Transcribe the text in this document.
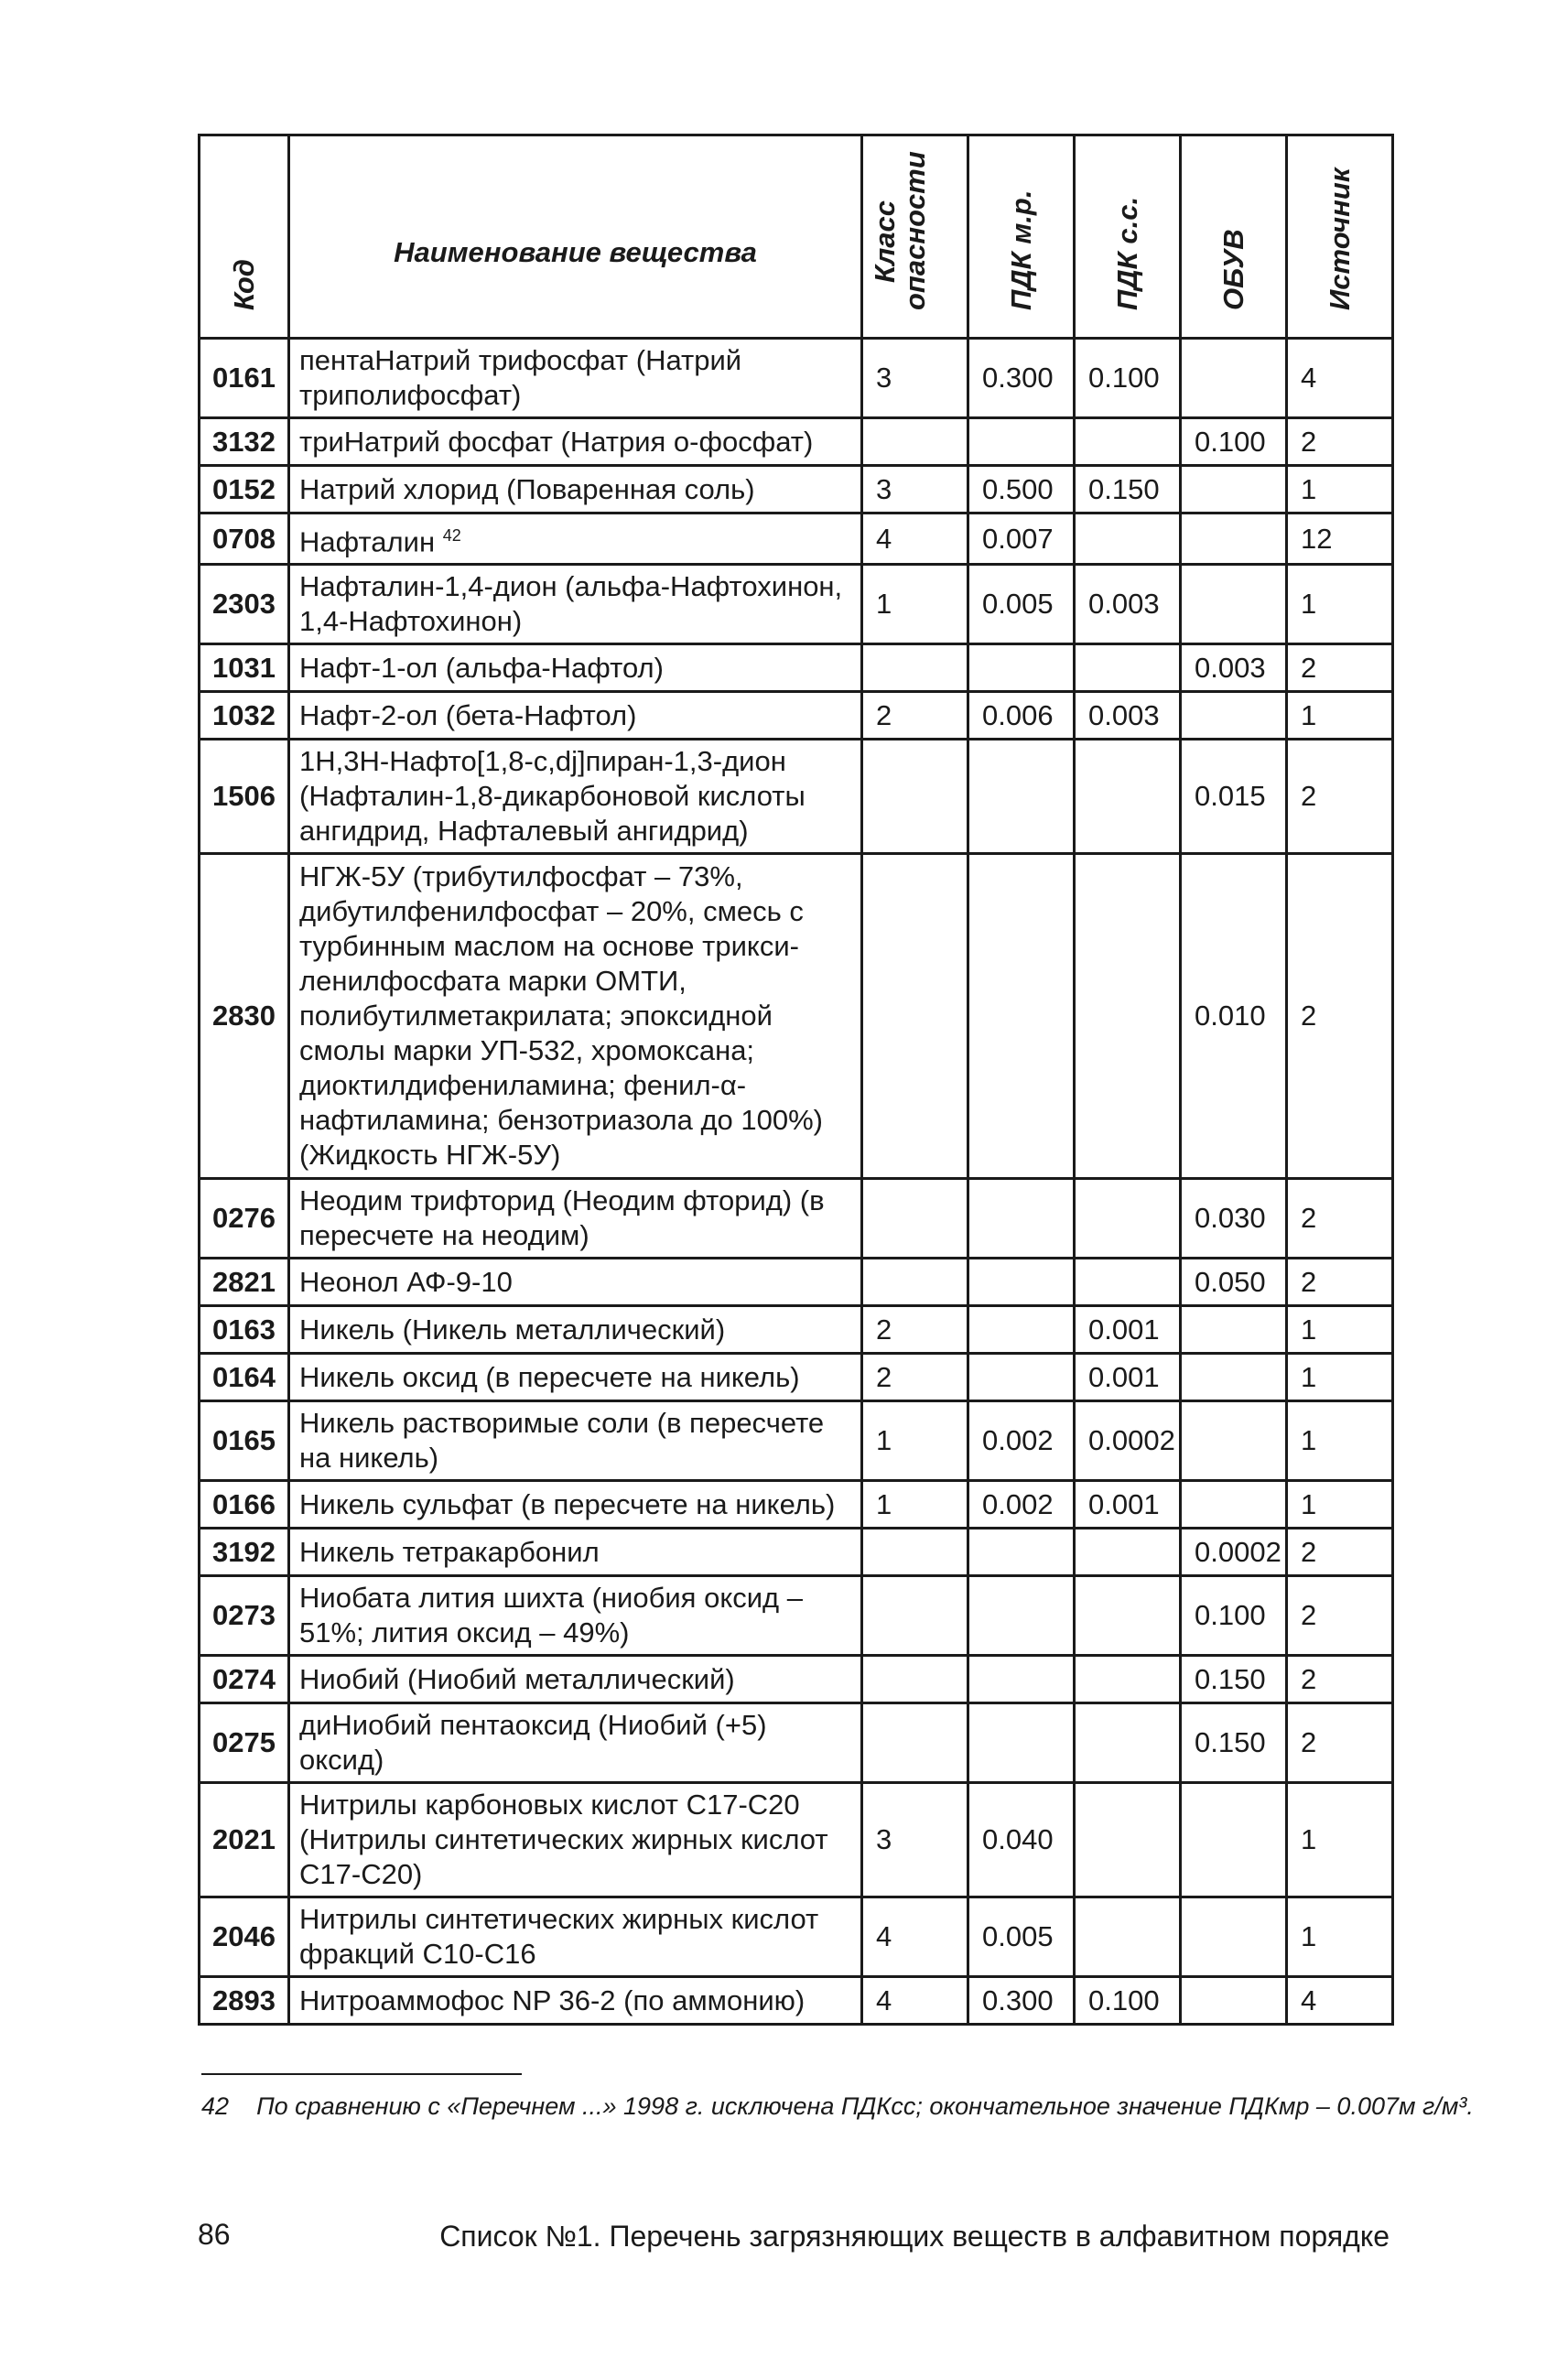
Код	Наименование вещества	Класс опасности	ПДК м.р.	ПДК с.с.	ОБУВ	Источник

0161	пентаНатрий трифосфат (Натрий триполифосфат)	3	0.300	0.100		4
3132	триНатрий фосфат (Натрия о-фосфат)				0.100	2
0152	Натрий хлорид (Поваренная соль)	3	0.500	0.150		1
0708	Нафталин $^{42}$	4	0.007			12
2303	Нафталин-1,4-дион (альфа-Нафтохинон, 1,4-Нафтохинон)	1	0.005	0.003		1
1031	Нафт-1-ол (альфа-Нафтол)				0.003	2
1032	Нафт-2-ол (бета-Нафтол)	2	0.006	0.003		1
1506	1Н,3Н-Нафто[1,8-c,dj]пиран-1,3-дион (Нафталин-1,8-дикарбоновой кислоты ангидрид, Нафталевый ангидрид)				0.015	2
2830	НГЖ-5У (трибутилфосфат – 73%, дибутилфенилфосфат – 20%, смесь с турбинным маслом на основе триксиленилфосфата марки ОМТИ, полибутилметакрилата; эпоксидной смолы марки УП-532, хромоксана; диоктилдифениламина; фенил-α-нафтиламина; бензотриазола до 100%) (Жидкость НГЖ-5У)				0.010	2
0276	Неодим трифторид (Неодим фторид) (в пересчете на неодим)				0.030	2
2821	Неонол АФ-9-10				0.050	2
0163	Никель (Никель металлический)	2		0.001		1
0164	Никель оксид (в пересчете на никель)	2		0.001		1
0165	Никель растворимые соли (в пересчете на никель)	1	0.002	0.0002		1
0166	Никель сульфат (в пересчете на никель)	1	0.002	0.001		1
3192	Никель тетракарбонил				0.0002	2
0273	Ниобата лития шихта (ниобия оксид – 51%; лития оксид – 49%)				0.100	2
0274	Ниобий (Ниобий металлический)				0.150	2
0275	диНиобий пентаоксид (Ниобий (+5) оксид)				0.150	2
2021	Нитрилы карбоновых кислот C17-C20 (Нитрилы синтетических жирных кислот C17-C20)	3	0.040			1
2046	Нитрилы синтетических жирных кислот фракций C10-C16	4	0.005			1
2893	Нитроаммофос NP 36-2 (по аммонию)	4	0.300	0.100		4
42 По сравнению с «Перечнем ...» 1998 г. исключена ПДКсс; окончательное значение ПДКмр – 0.007м г/м³.
86	Список №1. Перечень загрязняющих веществ в алфавитном порядке
